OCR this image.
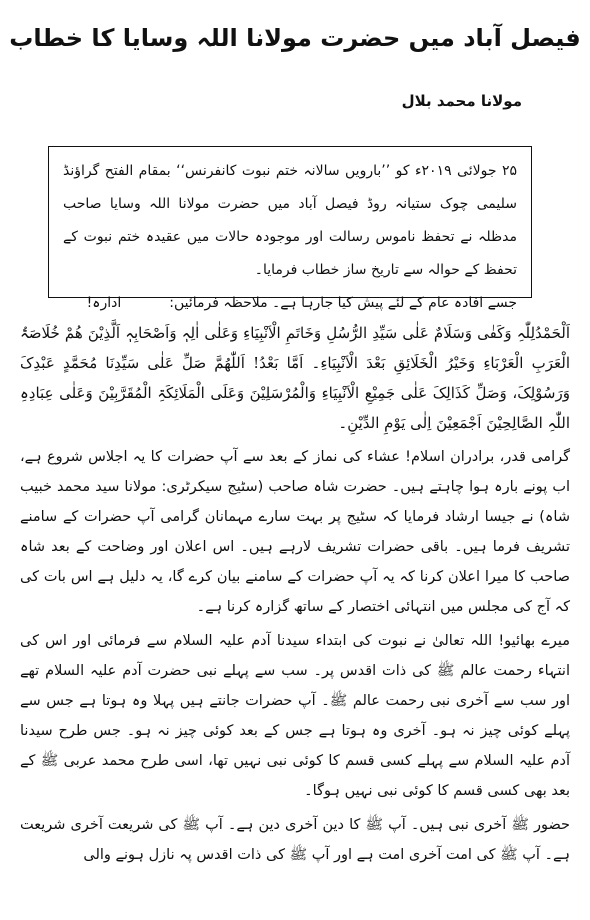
فیصل آباد میں حضرت مولانا اللہ وسایا کا خطاب
مولانا محمد بلال

۲۵ جولائی ۲۰۱۹ء کو ’’بارویں سالانہ ختم نبوت کانفرنس‘‘ بمقام الفتح گراؤنڈ سلیمی چوک ستیانہ روڈ فیصل آباد میں حضرت مولانا اللہ وسایا صاحب مدظلہ نے تحفظ ناموس رسالت اور موجودہ حالات میں عقیدہ ختم نبوت کے تحفظ کے حوالہ سے تاریخ ساز خطاب فرمایا۔

جسے افادہ عام کے لئے پیش کیا جارہا ہے۔ ملاحظہ فرمائیں:
ادارہ!

اَلْحَمْدُلِلّٰہِ وَکَفٰی وَسَلَامٌ عَلٰی سَیِّدِ الرُّسُلِ وَخَاتَمِ الْاَنْبِیَاءِ وَعَلٰی اٰلِہٖ وَاَصْحَابِہٖ اَلَّذِیْنَ ھُمْ خُلَاصَۃُ الْعَرَبِ الْعَرْبَاءِ وَخَیْرُ الْخَلَائِقِ بَعْدَ الْاَنْبِیَاءِ۔ اَمَّا بَعْدُ! اَللّٰھُمَّ صَلِّ عَلٰی سَیِّدِنَا مُحَمَّدٍ عَبْدِکَ وَرَسُوْلِکَ، وَصَلِّ کَذَالِکَ عَلٰی جَمِیْعِ الْاَنْبِیَاءِ وَالْمُرْسَلِیْنَ وَعَلَی الْمَلَائِکَۃِ الْمُقَرَّبِیْنَ وَعَلٰی عِبَادِہِ اللّٰہِ الصَّالِحِیْنَ اَجْمَعِیْنَ اِلٰی یَوْمِ الدِّیْنِ۔

گرامی قدر، برادران اسلام! عشاء کی نماز کے بعد سے آپ حضرات کا یہ اجلاس شروع ہے، اب پونے بارہ ہوا چاہتے ہیں۔ حضرت شاہ صاحب (سٹیج سیکرٹری: مولانا سید محمد خبیب شاہ) نے جیسا ارشاد فرمایا کہ سٹیج پر بہت سارے مہمانان گرامی آپ حضرات کے سامنے تشریف فرما ہیں۔ باقی حضرات تشریف لارہے ہیں۔ اس اعلان اور وضاحت کے بعد شاہ صاحب کا میرا اعلان کرنا کہ یہ آپ حضرات کے سامنے بیان کرے گا، یہ دلیل ہے اس بات کی کہ آج کی مجلس میں انتہائی اختصار کے ساتھ گزارہ کرنا ہے۔

میرے بھائیو! اللہ تعالیٰ نے نبوت کی ابتداء سیدنا آدم علیہ السلام سے فرمائی اور اس کی انتہاء رحمت عالم ﷺ کی ذات اقدس پر۔ سب سے پہلے نبی حضرت آدم علیہ السلام تھے اور سب سے آخری نبی رحمت عالم ﷺ۔ آپ حضرات جانتے ہیں پہلا وہ ہوتا ہے جس سے پہلے کوئی چیز نہ ہو۔ آخری وہ ہوتا ہے جس کے بعد کوئی چیز نہ ہو۔ جس طرح سیدنا آدم علیہ السلام سے پہلے کسی قسم کا کوئی نبی نہیں تھا، اسی طرح محمد عربی ﷺ کے بعد بھی کسی قسم کا کوئی نبی نہیں ہوگا۔

حضور ﷺ آخری نبی ہیں۔ آپ ﷺ کا دین آخری دین ہے۔ آپ ﷺ کی شریعت آخری شریعت ہے۔ آپ ﷺ کی امت آخری امت ہے اور آپ ﷺ کی ذات اقدس پہ نازل ہونے والی
